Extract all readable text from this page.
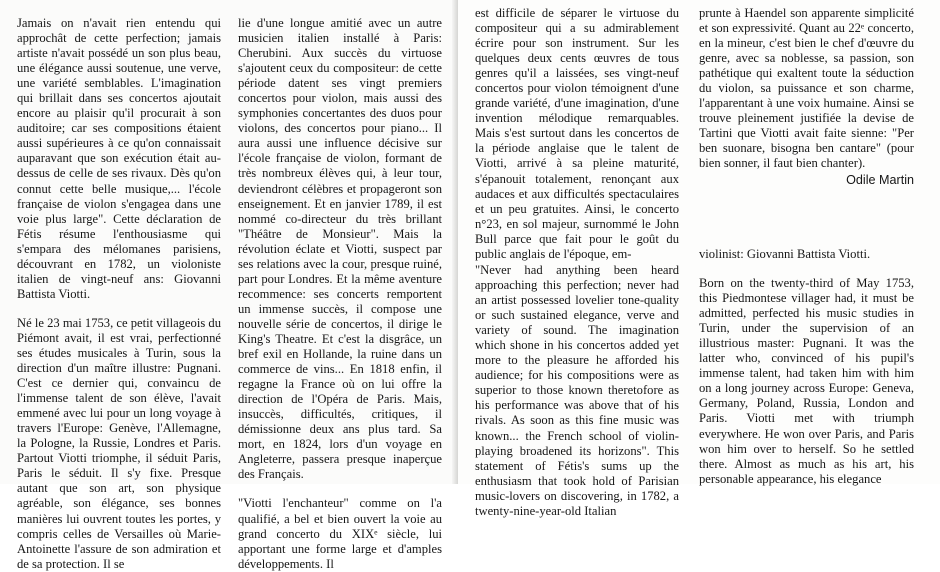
Jamais on n'avait rien entendu qui approchât de cette perfection; jamais artiste n'avait possédé un son plus beau, une élégance aussi soutenue, une verve, une variété semblables. L'imagination qui brillait dans ses concertos ajoutait encore au plaisir qu'il procurait à son auditoire; car ses compositions étaient aussi supérieures à ce qu'on connaissait auparavant que son exécution était au-dessus de celle de ses rivaux. Dès qu'on connut cette belle musique,... l'école française de violon s'engagea dans une voie plus large". Cette déclaration de Fétis résume l'enthousiasme qui s'empara des mélomanes parisiens, découvrant en 1782, un violoniste italien de vingt-neuf ans: Giovanni Battista Viotti.

Né le 23 mai 1753, ce petit villageois du Piémont avait, il est vrai, perfectionné ses études musicales à Turin, sous la direction d'un maître illustre: Pugnani. C'est ce dernier qui, convaincu de l'immense talent de son élève, l'avait emmené avec lui pour un long voyage à travers l'Europe: Genève, l'Allemagne, la Pologne, la Russie, Londres et Paris. Partout Viotti triomphe, il séduit Paris, Paris le séduit. Il s'y fixe. Presque autant que son art, son physique agréable, son élégance, ses bonnes manières lui ouvrent toutes les portes, y compris celles de Versailles où Marie-Antoinette l'assure de son admiration et de sa protection. Il se

lie d'une longue amitié avec un autre musicien italien installé à Paris: Cherubini. Aux succès du virtuose s'ajoutent ceux du compositeur: de cette période datent ses vingt premiers concertos pour violon, mais aussi des symphonies concertantes des duos pour violons, des concertos pour piano... Il aura aussi une influence décisive sur l'école française de violon, formant de très nombreux élèves qui, à leur tour, deviendront célèbres et propageront son enseignement. Et en janvier 1789, il est nommé co-directeur du très brillant "Théâtre de Monsieur". Mais la révolution éclate et Viotti, suspect par ses relations avec la cour, presque ruiné, part pour Londres. Et la même aventure recommence: ses concerts remportent un immense succès, il compose une nouvelle série de concertos, il dirige le King's Theatre. Et c'est la disgrâce, un bref exil en Hollande, la ruine dans un commerce de vins... En 1818 enfin, il regagne la France où on lui offre la direction de l'Opéra de Paris. Mais, insuccès, difficultés, critiques, il démissionne deux ans plus tard. Sa mort, en 1824, lors d'un voyage en Angleterre, passera presque inaperçue des Français.

"Viotti l'enchanteur" comme on l'a qualifié, a bel et bien ouvert la voie au grand concerto du XIXᵉ siècle, lui apportant une forme large et d'amples développements. Il

est difficile de séparer le virtuose du compositeur qui a su admirablement écrire pour son instrument. Sur les quelques deux cents œuvres de tous genres qu'il a laissées, ses vingt-neuf concertos pour violon témoignent d'une grande variété, d'une imagination, d'une invention mélodique remarquables. Mais s'est surtout dans les concertos de la période anglaise que le talent de Viotti, arrivé à sa pleine maturité, s'épanouit totalement, renonçant aux audaces et aux difficultés spectaculaires et un peu gratuites. Ainsi, le concerto n°23, en sol majeur, surnommé le John Bull parce que fait pour le goût du public anglais de l'époque, em-

"Never had anything been heard approaching this perfection; never had an artist possessed lovelier tone-quality or such sustained elegance, verve and variety of sound. The imagination which shone in his concertos added yet more to the pleasure he afforded his audience; for his compositions were as superior to those known theretofore as his performance was above that of his rivals. As soon as this fine music was known... the French school of violin-playing broadened its horizons". This statement of Fétis's sums up the enthusiasm that took hold of Parisian music-lovers on discovering, in 1782, a twenty-nine-year-old Italian

prunte à Haendel son apparente simplicité et son expressivité. Quant au 22ᵉ concerto, en la mineur, c'est bien le chef d'œuvre du genre, avec sa noblesse, sa passion, son pathétique qui exaltent toute la séduction du violon, sa puissance et son charme, l'apparentant à une voix humaine. Ainsi se trouve pleinement justifiée la devise de Tartini que Viotti avait faite sienne: "Per ben suonare, bisogna ben cantare" (pour bien sonner, il faut bien chanter).

Odile Martin

violinist: Giovanni Battista Viotti.

Born on the twenty-third of May 1753, this Piedmontese villager had, it must be admitted, perfected his music studies in Turin, under the supervision of an illustrious master: Pugnani. It was the latter who, convinced of his pupil's immense talent, had taken him with him on a long journey across Europe: Geneva, Germany, Poland, Russia, London and Paris. Viotti met with triumph everywhere. He won over Paris, and Paris won him over to herself. So he settled there. Almost as much as his art, his personable appearance, his elegance
